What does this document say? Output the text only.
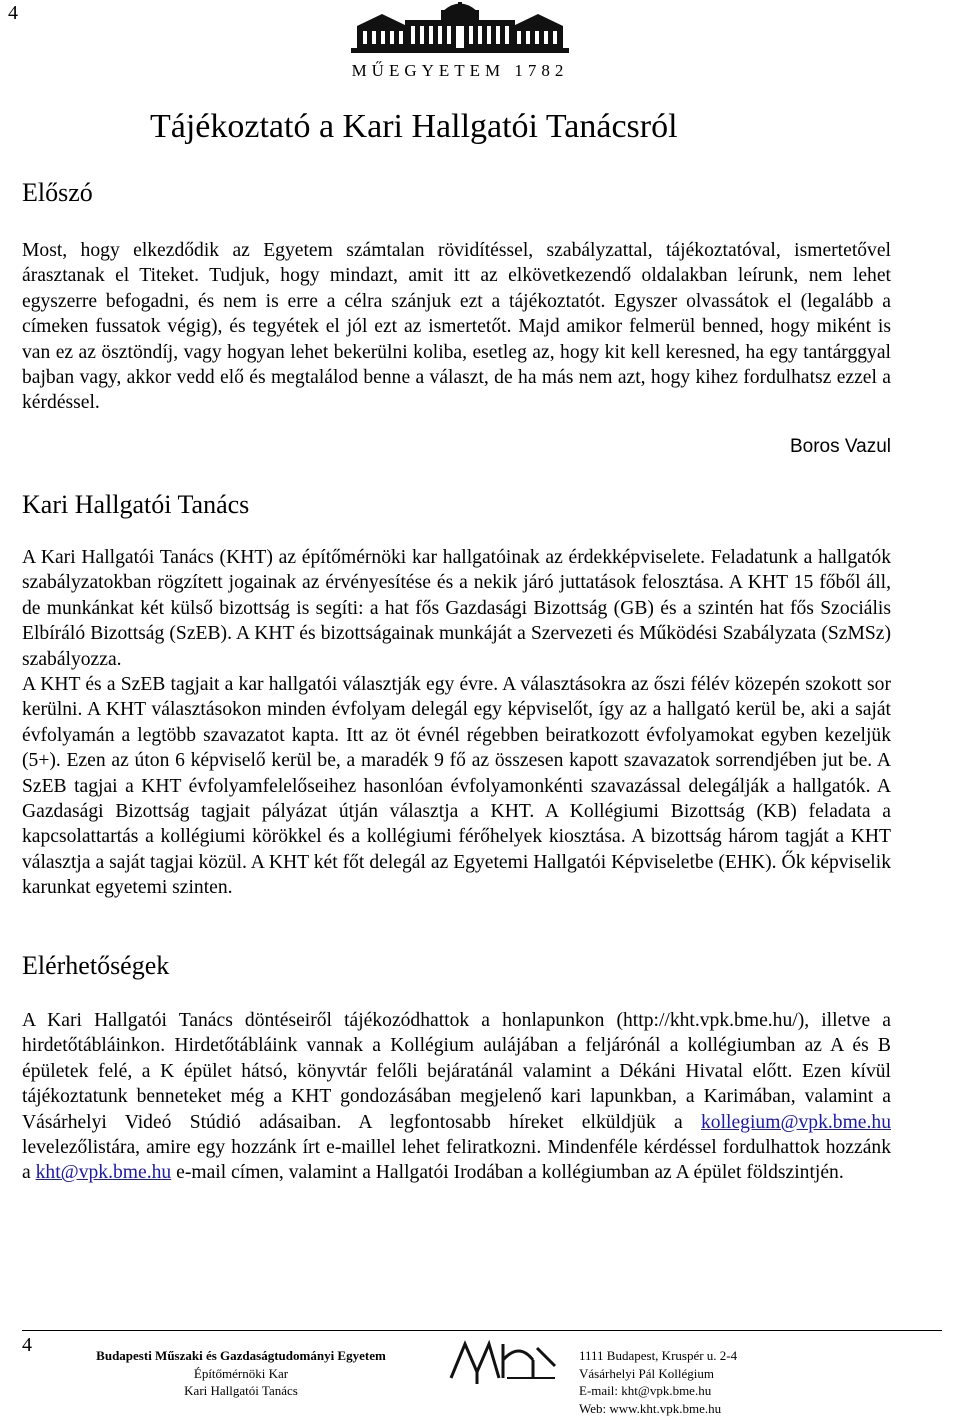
4
MŰEGYETEM 1782
Tájékoztató a Kari Hallgatói Tanácsról
Előszó

Most, hogy elkezdődik az Egyetem számtalan rövidítéssel, szabályzattal, tájékoztatóval, ismertetővel árasztanak el Titeket. Tudjuk, hogy mindazt, amit itt az elkövetkezendő oldalakban leírunk, nem lehet egyszerre befogadni, és nem is erre a célra szánjuk ezt a tájékoztatót. Egyszer olvassátok el (legalább a címeken fussatok végig), és tegyétek el jól ezt az ismertetőt. Majd amikor felmerül benned, hogy miként is van ez az ösztöndíj, vagy hogyan lehet bekerülni koliba, esetleg az, hogy kit kell keresned, ha egy tantárggyal bajban vagy, akkor vedd elő és megtalálod benne a választ, de ha más nem azt, hogy kihez fordulhatsz ezzel a kérdéssel.

Boros Vazul
Kari Hallgatói Tanács

A Kari Hallgatói Tanács (KHT) az építőmérnöki kar hallgatóinak az érdekképviselete. Feladatunk a hallgatók szabályzatokban rögzített jogainak az érvényesítése és a nekik járó juttatások felosztása. A KHT 15 főből áll, de munkánkat két külső bizottság is segíti: a hat fős Gazdasági Bizottság (GB) és a szintén hat fős Szociális Elbíráló Bizottság (SzEB). A KHT és bizottságainak munkáját a Szervezeti és Működési Szabályzata (SzMSz) szabályozza.

A KHT és a SzEB tagjait a kar hallgatói választják egy évre. A választásokra az őszi félév közepén szokott sor kerülni. A KHT választásokon minden évfolyam delegál egy képviselőt, így az a hallgató kerül be, aki a saját évfolyamán a legtöbb szavazatot kapta. Itt az öt évnél régebben beiratkozott évfolyamokat egyben kezeljük (5+). Ezen az úton 6 képviselő kerül be, a maradék 9 fő az összesen kapott szavazatok sorrendjében jut be. A SzEB tagjai a KHT évfolyamfelelőseihez hasonlóan évfolyamonkénti szavazással delegálják a hallgatók. A Gazdasági Bizottság tagjait pályázat útján választja a KHT. A Kollégiumi Bizottság (KB) feladata a kapcsolattartás a kollégiumi körökkel és a kollégiumi férőhelyek kiosztása. A bizottság három tagját a KHT választja a saját tagjai közül. A KHT két főt delegál az Egyetemi Hallgatói Képviseletbe (EHK). Ők képviselik karunkat egyetemi szinten.

Elérhetőségek

A Kari Hallgatói Tanács döntéseiről tájékozódhattok a honlapunkon (http://kht.vpk.bme.hu/), illetve a hirdetőtábláinkon. Hirdetőtábláink vannak a Kollégium aulájában a feljárónál a kollégiumban az A és B épületek felé, a K épület hátsó, könyvtár felőli bejáratánál valamint a Dékáni Hivatal előtt. Ezen kívül tájékoztatunk benneteket még a KHT gondozásában megjelenő kari lapunkban, a Karimában, valamint a Vásárhelyi Videó Stúdió adásaiban. A legfontosabb híreket elküldjük a kollegium@vpk.bme.hu levelezőlistára, amire egy hozzánk írt e-maillel lehet feliratkozni. Mindenféle kérdéssel fordulhattok hozzánk a kht@vpk.bme.hu e-mail címen, valamint a Hallgatói Irodában a kollégiumban az A épület földszintjén.

4	Budapesti Műszaki és Gazdaságtudományi Egyetem
Építőmérnöki Kar
Kari Hallgatói Tanács
1111 Budapest, Kruspér u. 2-4
Vásárhelyi Pál Kollégium
E-mail: kht@vpk.bme.hu
Web: www.kht.vpk.bme.hu
